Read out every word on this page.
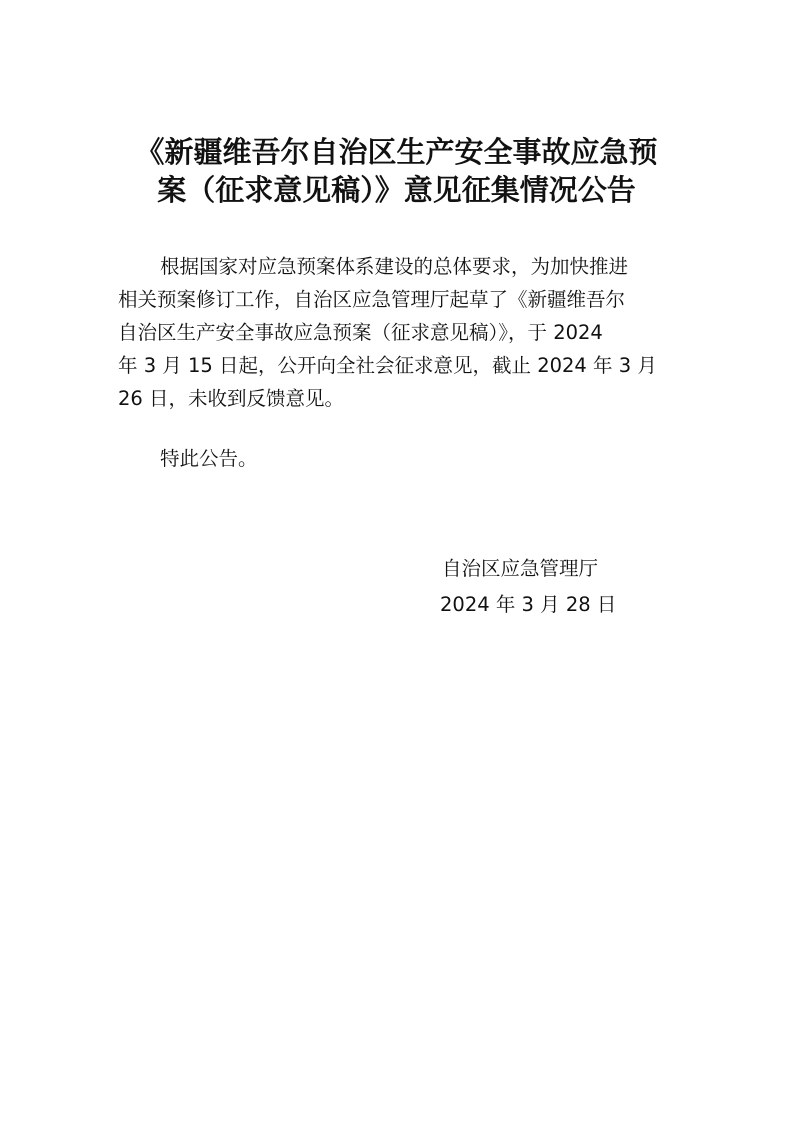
《新疆维吾尔自治区生产安全事故应急预
案（征求意见稿）》意见征集情况公告
根据国家对应急预案体系建设的总体要求，为加快推进
相关预案修订工作，自治区应急管理厅起草了《新疆维吾尔
自治区生产安全事故应急预案（征求意见稿）》，于 2024
年 3 月 15 日起，公开向全社会征求意见，截止 2024 年 3 月
26 日，未收到反馈意见。
特此公告。
自治区应急管理厅
2024 年 3 月 28 日
